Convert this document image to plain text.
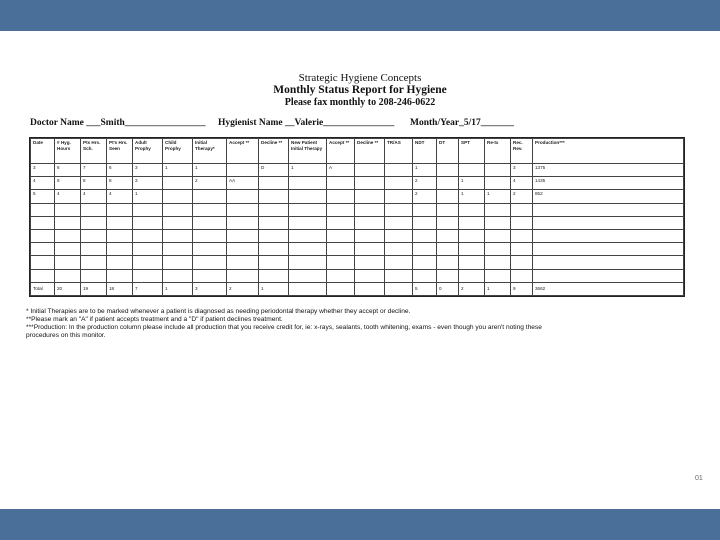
Strategic Hygiene Concepts
Monthly Status Report for Hygiene
Please fax monthly to 208-246-0622
Doctor Name ___Smith_________________ Hygienist Name __Valerie_______________ Month/Year_5/17_______
Date	# Hyg. Hours	Pts Hrs. Sch.	Pt's Hrs. Seen	Adult Prophy	Child Prophy	Initial Therapy*	Accept **	Decline **	New Patient Initial Therapy	Accept **	Decline **	TR/AS	NDT	DT	SPT	Re-tx	Rec. Rev.	Production***
3	8	7	6	3	1	1		D	1	A			1				3	1375
4	8	8	8	3		2	AA						2		1		4	1435
5	4	4	4	1									2		1	1	2	852

Total	20	19	18	7	1	3	2	1					5	0	2	1	9	3662
* Initial Therapies are to be marked whenever a patient is diagnosed as needing periodontal therapy whether they accept or decline.
**Please mark an "A" if patient accepts treatment and a "D" if patient declines treatment.
***Production: In the production column please include all production that you receive credit for, ie: x-rays, sealants, tooth whitening, exams - even though you aren't noting these
procedures on this monitor.
01
